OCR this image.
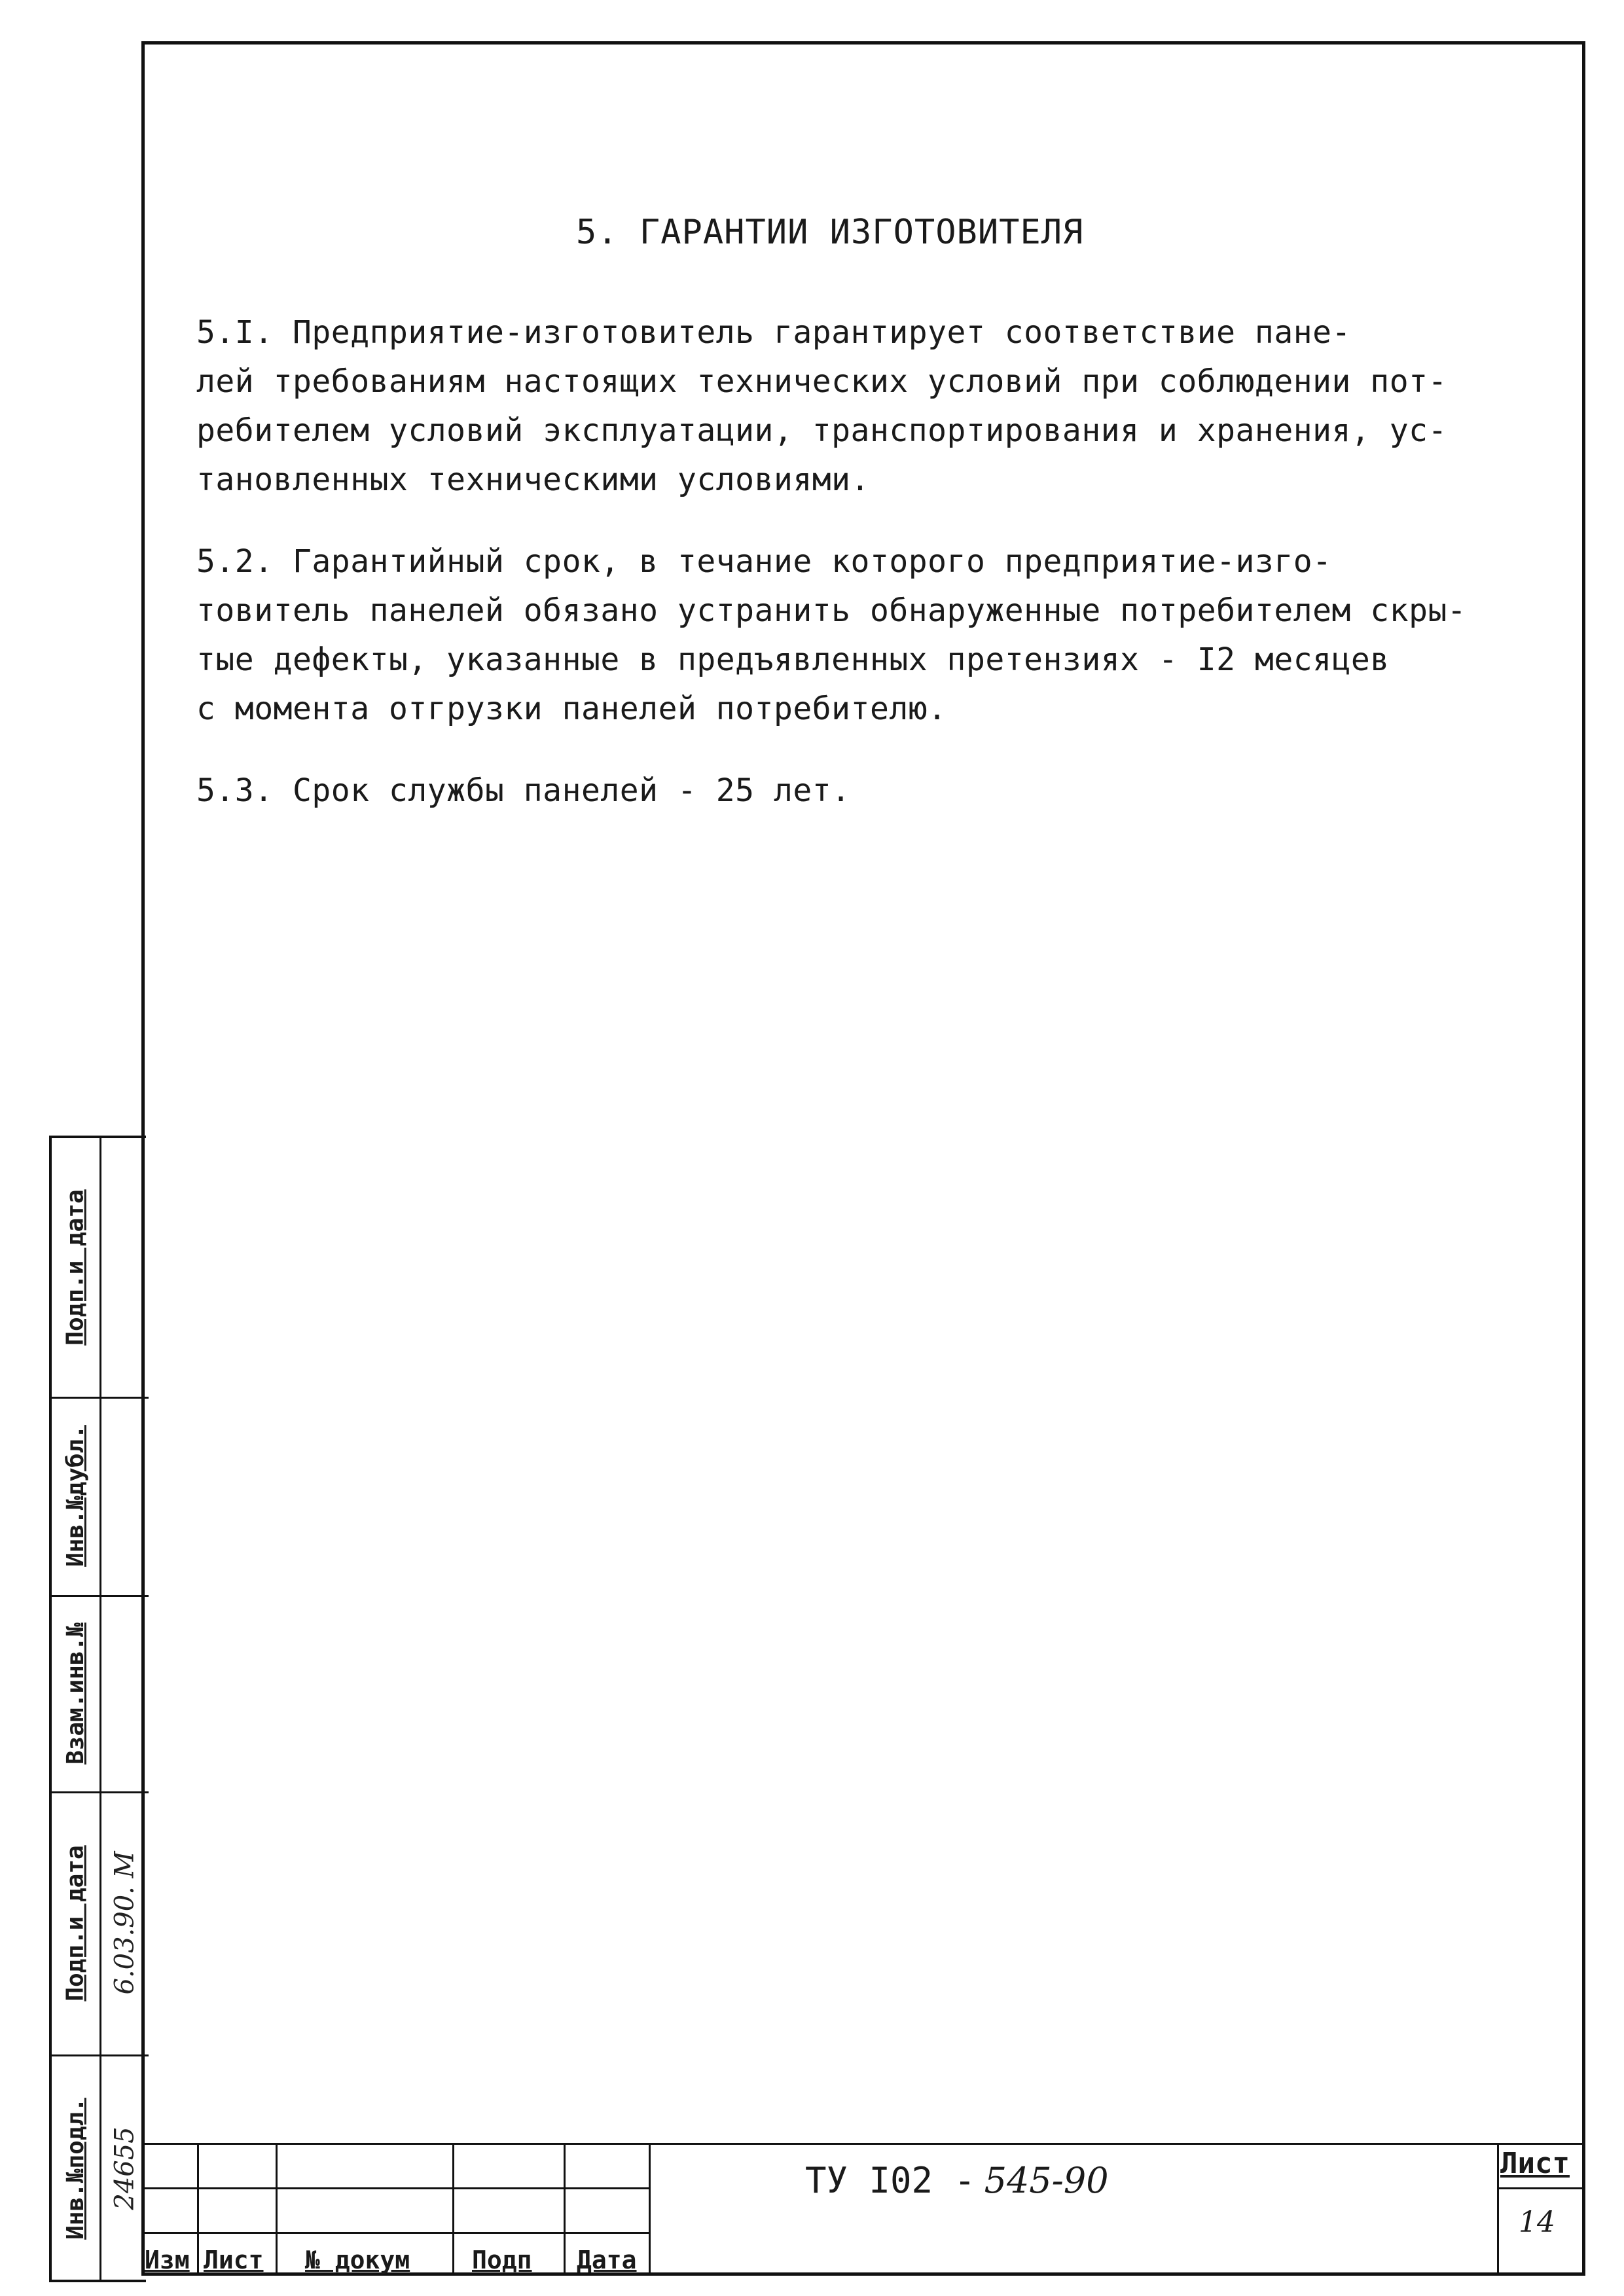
5. ГАРАНТИИ ИЗГОТОВИТЕЛЯ
5.I. Предприятие-изготовитель гарантирует соответствие пане-
лей требованиям настоящих технических условий при соблюдении пот-
ребителем условий эксплуатации, транспортирования и хранения, ус-
тановленных техническими условиями.
5.2. Гарантийный срок, в течание которого предприятие-изго-
товитель панелей обязано устранить обнаруженные потребителем скры-
тые дефекты, указанные в предъявленных претензиях - I2 месяцев
с момента отгрузки панелей потребителю.
5.3. Срок службы панелей - 25 лет.
Подп.и дата
Инв.№дубл.
Взам.инв.№
Подп.и дата
Инв.№подл.
6.03.90. М
24655
Изм Лист № докум Подп Дата
ТУ I02 - 545-90	Лист
14
